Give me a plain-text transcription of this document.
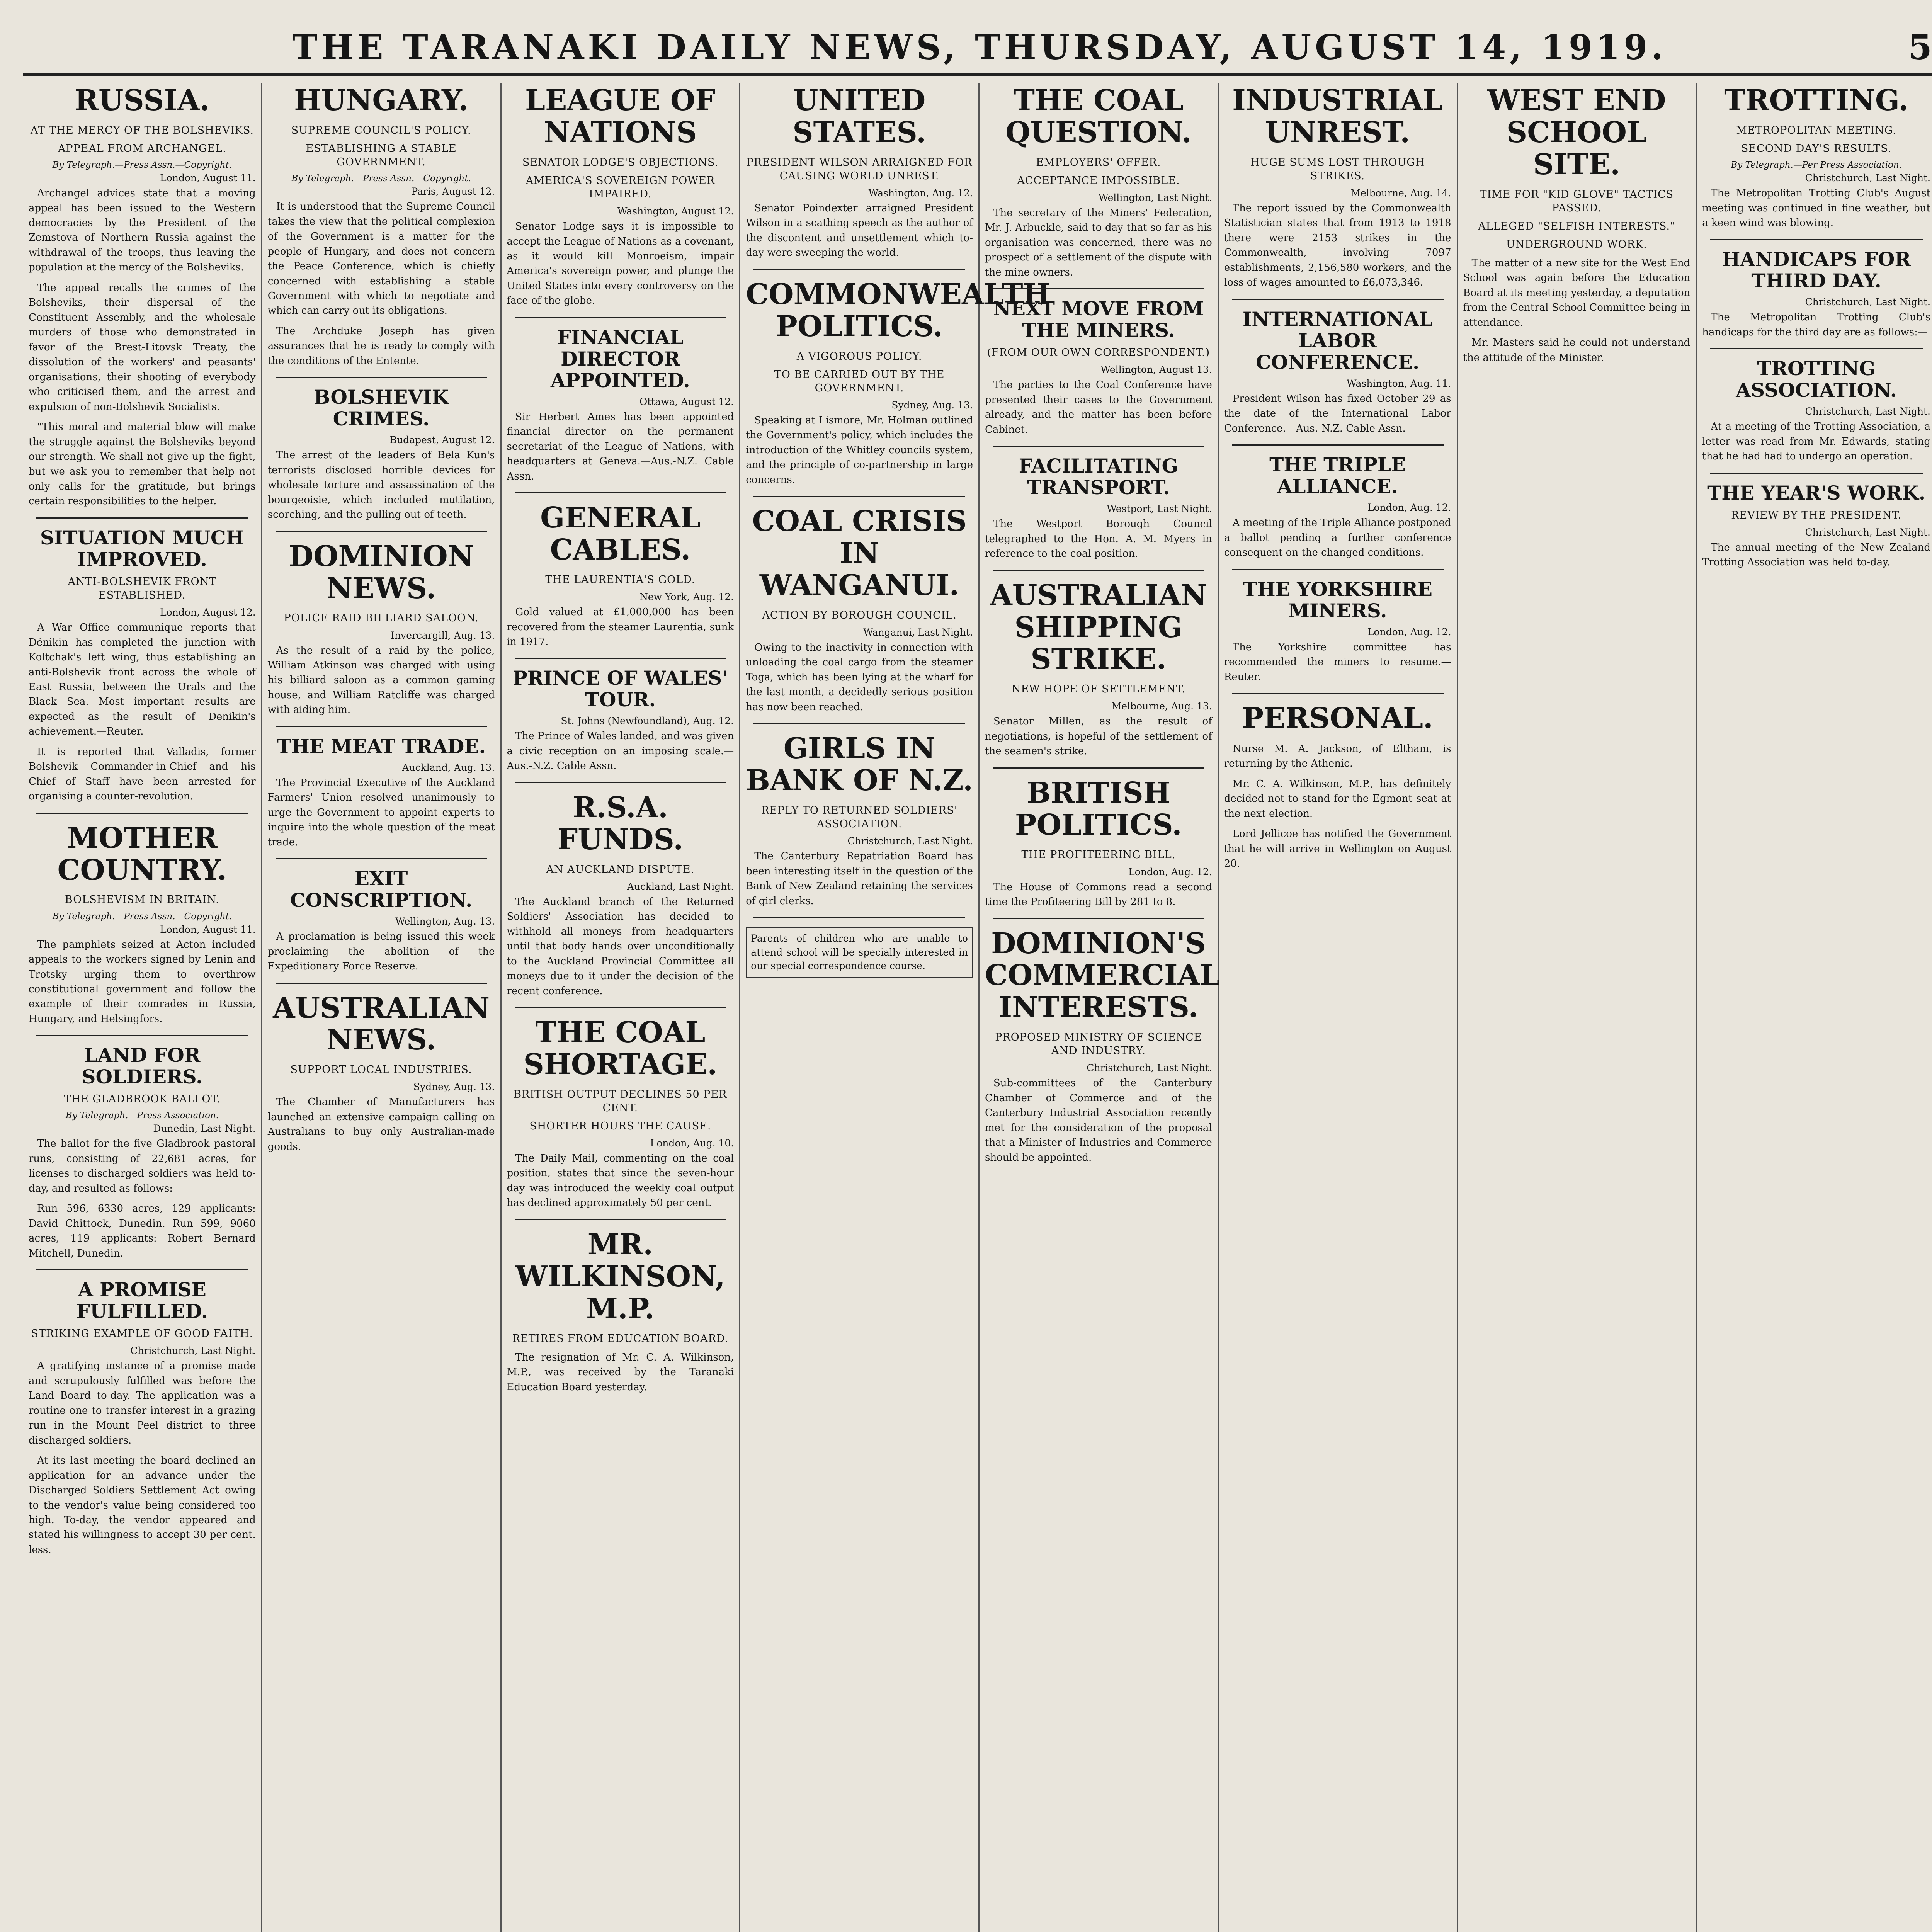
THE TARANAKI DAILY NEWS, THURSDAY, AUGUST 14, 1919.	5
RUSSIA.
AT THE MERCY OF THE BOLSHEVIKS.
APPEAL FROM ARCHANGEL.
By Telegraph.—Press Assn.—Copyright.
London, August 11.

Archangel advices state that a moving appeal has been issued to the Western democracies by the President of the Zemstova of Northern Russia against the withdrawal of the troops, thus leaving the population at the mercy of the Bolsheviks.

The appeal recalls the crimes of the Bolsheviks, their dispersal of the Constituent Assembly, and the wholesale murders of those who demonstrated in favor of the Brest-Litovsk Treaty, the dissolution of the workers' and peasants' organisations, their shooting of everybody who criticised them, and the arrest and expulsion of non-Bolshevik Socialists.

"This moral and material blow will make the struggle against the Bolsheviks beyond our strength. We shall not give up the fight, but we ask you to remember that help not only calls for the gratitude, but brings certain responsibilities to the helper.

SITUATION MUCH IMPROVED.
ANTI-BOLSHEVIK FRONT ESTABLISHED.
London, August 12.

A War Office communique reports that Dénikin has completed the junction with Koltchak's left wing, thus establishing an anti-Bolshevik front across the whole of East Russia, between the Urals and the Black Sea. Most important results are expected as the result of Denikin's achievement.—Reuter.

It is reported that Valladis, former Bolshevik Commander-in-Chief and his Chief of Staff have been arrested for organising a counter-revolution.

MOTHER COUNTRY.
BOLSHEVISM IN BRITAIN.
By Telegraph.—Press Assn.—Copyright.
London, August 11.

The pamphlets seized at Acton included appeals to the workers signed by Lenin and Trotsky urging them to overthrow constitutional government and follow the example of their comrades in Russia, Hungary, and Helsingfors.

LAND FOR SOLDIERS.
THE GLADBROOK BALLOT.
By Telegraph.—Press Association.
Dunedin, Last Night.

The ballot for the five Gladbrook pastoral runs, consisting of 22,681 acres, for licenses to discharged soldiers was held to-day, and resulted as follows:—

Run 596, 6330 acres, 129 applicants: David Chittock, Dunedin. Run 599, 9060 acres, 119 applicants: Robert Bernard Mitchell, Dunedin.

A PROMISE FULFILLED.
STRIKING EXAMPLE OF GOOD FAITH.
Christchurch, Last Night.

A gratifying instance of a promise made and scrupulously fulfilled was before the Land Board to-day. The application was a routine one to transfer interest in a grazing run in the Mount Peel district to three discharged soldiers.

At its last meeting the board declined an application for an advance under the Discharged Soldiers Settlement Act owing to the vendor's value being considered too high. To-day, the vendor appeared and stated his willingness to accept 30 per cent. less.

HUNGARY.
SUPREME COUNCIL'S POLICY.
ESTABLISHING A STABLE GOVERNMENT.
By Telegraph.—Press Assn.—Copyright.
Paris, August 12.

It is understood that the Supreme Council takes the view that the political complexion of the Government is a matter for the people of Hungary, and does not concern the Peace Conference, which is chiefly concerned with establishing a stable Government with which to negotiate and which can carry out its obligations.

The Archduke Joseph has given assurances that he is ready to comply with the conditions of the Entente.

BOLSHEVIK CRIMES.
Budapest, August 12.

The arrest of the leaders of Bela Kun's terrorists disclosed horrible devices for wholesale torture and assassination of the bourgeoisie, which included mutilation, scorching, and the pulling out of teeth.

DOMINION NEWS.
POLICE RAID BILLIARD SALOON.
Invercargill, Aug. 13.

As the result of a raid by the police, William Atkinson was charged with using his billiard saloon as a common gaming house, and William Ratcliffe was charged with aiding him.

THE MEAT TRADE.
Auckland, Aug. 13.

The Provincial Executive of the Auckland Farmers' Union resolved unanimously to urge the Government to appoint experts to inquire into the whole question of the meat trade.

EXIT CONSCRIPTION.
Wellington, Aug. 13.

A proclamation is being issued this week proclaiming the abolition of the Expeditionary Force Reserve.

AUSTRALIAN NEWS.
SUPPORT LOCAL INDUSTRIES.
Sydney, Aug. 13.

The Chamber of Manufacturers has launched an extensive campaign calling on Australians to buy only Australian-made goods.

LEAGUE OF NATIONS
SENATOR LODGE'S OBJECTIONS.
AMERICA'S SOVEREIGN POWER IMPAIRED.
Washington, August 12.

Senator Lodge says it is impossible to accept the League of Nations as a covenant, as it would kill Monroeism, impair America's sovereign power, and plunge the United States into every controversy on the face of the globe.

FINANCIAL DIRECTOR APPOINTED.
Ottawa, August 12.

Sir Herbert Ames has been appointed financial director on the permanent secretariat of the League of Nations, with headquarters at Geneva.—Aus.-N.Z. Cable Assn.

GENERAL CABLES.
THE LAURENTIA'S GOLD.
New York, Aug. 12.

Gold valued at £1,000,000 has been recovered from the steamer Laurentia, sunk in 1917.

PRINCE OF WALES' TOUR.
St. Johns (Newfoundland), Aug. 12.

The Prince of Wales landed, and was given a civic reception on an imposing scale.—Aus.-N.Z. Cable Assn.

R.S.A. FUNDS.
AN AUCKLAND DISPUTE.
Auckland, Last Night.

The Auckland branch of the Returned Soldiers' Association has decided to withhold all moneys from headquarters until that body hands over unconditionally to the Auckland Provincial Committee all moneys due to it under the decision of the recent conference.

THE COAL SHORTAGE.
BRITISH OUTPUT DECLINES 50 PER CENT.
SHORTER HOURS THE CAUSE.
London, Aug. 10.

The Daily Mail, commenting on the coal position, states that since the seven-hour day was introduced the weekly coal output has declined approximately 50 per cent.

MR. WILKINSON, M.P.
RETIRES FROM EDUCATION BOARD.

The resignation of Mr. C. A. Wilkinson, M.P., was received by the Taranaki Education Board yesterday.

UNITED STATES.
PRESIDENT WILSON ARRAIGNED FOR CAUSING WORLD UNREST.
Washington, Aug. 12.

Senator Poindexter arraigned President Wilson in a scathing speech as the author of the discontent and unsettlement which to-day were sweeping the world.

COMMONWEALTH POLITICS.
A VIGOROUS POLICY.
TO BE CARRIED OUT BY THE GOVERNMENT.
Sydney, Aug. 13.

Speaking at Lismore, Mr. Holman outlined the Government's policy, which includes the introduction of the Whitley councils system, and the principle of co-partnership in large concerns.

COAL CRISIS IN WANGANUI.
ACTION BY BOROUGH COUNCIL.
Wanganui, Last Night.

Owing to the inactivity in connection with unloading the coal cargo from the steamer Toga, which has been lying at the wharf for the last month, a decidedly serious position has now been reached.

GIRLS IN BANK OF N.Z.
REPLY TO RETURNED SOLDIERS' ASSOCIATION.
Christchurch, Last Night.

The Canterbury Repatriation Board has been interesting itself in the question of the Bank of New Zealand retaining the services of girl clerks.

Parents of children who are unable to attend school will be specially interested in our special correspondence course.

THE COAL QUESTION.
EMPLOYERS' OFFER.
ACCEPTANCE IMPOSSIBLE.
Wellington, Last Night.

The secretary of the Miners' Federation, Mr. J. Arbuckle, said to-day that so far as his organisation was concerned, there was no prospect of a settlement of the dispute with the mine owners.

NEXT MOVE FROM THE MINERS.
(FROM OUR OWN CORRESPONDENT.)
Wellington, August 13.

The parties to the Coal Conference have presented their cases to the Government already, and the matter has been before Cabinet.

FACILITATING TRANSPORT.
Westport, Last Night.

The Westport Borough Council telegraphed to the Hon. A. M. Myers in reference to the coal position.

AUSTRALIAN SHIPPING STRIKE.
NEW HOPE OF SETTLEMENT.
Melbourne, Aug. 13.

Senator Millen, as the result of negotiations, is hopeful of the settlement of the seamen's strike.

BRITISH POLITICS.
THE PROFITEERING BILL.
London, Aug. 12.

The House of Commons read a second time the Profiteering Bill by 281 to 8.

DOMINION'S COMMERCIAL INTERESTS.
PROPOSED MINISTRY OF SCIENCE AND INDUSTRY.
Christchurch, Last Night.

Sub-committees of the Canterbury Chamber of Commerce and of the Canterbury Industrial Association recently met for the consideration of the proposal that a Minister of Industries and Commerce should be appointed.

INDUSTRIAL UNREST.
HUGE SUMS LOST THROUGH STRIKES.
Melbourne, Aug. 14.

The report issued by the Commonwealth Statistician states that from 1913 to 1918 there were 2153 strikes in the Commonwealth, involving 7097 establishments, 2,156,580 workers, and the loss of wages amounted to £6,073,346.

INTERNATIONAL LABOR CONFERENCE.
Washington, Aug. 11.

President Wilson has fixed October 29 as the date of the International Labor Conference.—Aus.-N.Z. Cable Assn.

THE TRIPLE ALLIANCE.
London, Aug. 12.

A meeting of the Triple Alliance postponed a ballot pending a further conference consequent on the changed conditions.

THE YORKSHIRE MINERS.
London, Aug. 12.

The Yorkshire committee has recommended the miners to resume.—Reuter.

PERSONAL.

Nurse M. A. Jackson, of Eltham, is returning by the Athenic.

Mr. C. A. Wilkinson, M.P., has definitely decided not to stand for the Egmont seat at the next election.

Lord Jellicoe has notified the Government that he will arrive in Wellington on August 20.

WEST END SCHOOL SITE.
TIME FOR "KID GLOVE" TACTICS PASSED.
ALLEGED "SELFISH INTERESTS."
UNDERGROUND WORK.

The matter of a new site for the West End School was again before the Education Board at its meeting yesterday, a deputation from the Central School Committee being in attendance.

Mr. Masters said he could not understand the attitude of the Minister.

TROTTING.
METROPOLITAN MEETING.
SECOND DAY'S RESULTS.
By Telegraph.—Per Press Association.
Christchurch, Last Night.

The Metropolitan Trotting Club's August meeting was continued in fine weather, but a keen wind was blowing.

HANDICAPS FOR THIRD DAY.
Christchurch, Last Night.

The Metropolitan Trotting Club's handicaps for the third day are as follows:—

TROTTING ASSOCIATION.
Christchurch, Last Night.

At a meeting of the Trotting Association, a letter was read from Mr. Edwards, stating that he had had to undergo an operation.

THE YEAR'S WORK.
REVIEW BY THE PRESIDENT.
Christchurch, Last Night.

The annual meeting of the New Zealand Trotting Association was held to-day.
